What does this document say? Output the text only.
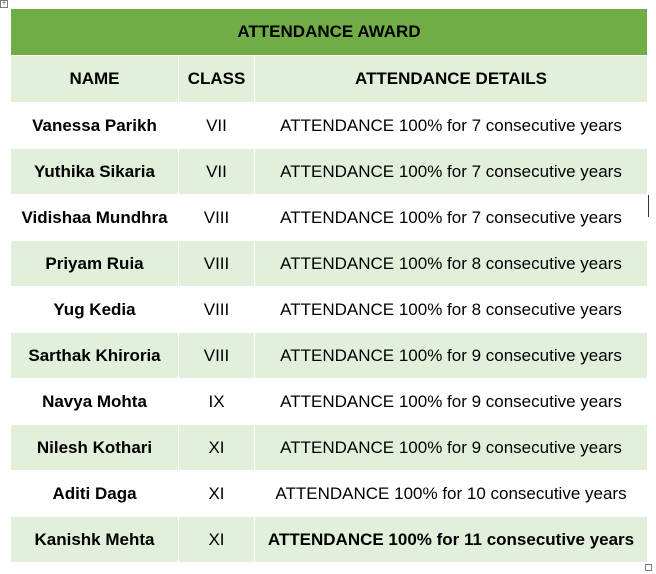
+
ATTENDANCE AWARD		
NAME	CLASS	ATTENDANCE DETAILS
Vanessa Parikh	VII	ATTENDANCE 100% for 7 consecutive years
Yuthika Sikaria	VII	ATTENDANCE 100% for 7 consecutive years
Vidishaa Mundhra	VIII	ATTENDANCE 100% for 7 consecutive years
Priyam Ruia	VIII	ATTENDANCE 100% for 8 consecutive years
Yug Kedia	VIII	ATTENDANCE 100% for 8 consecutive years
Sarthak Khiroria	VIII	ATTENDANCE 100% for 9 consecutive years
Navya Mohta	IX	ATTENDANCE 100% for 9 consecutive years
Nilesh Kothari	XI	ATTENDANCE 100% for 9 consecutive years
Aditi Daga	XI	ATTENDANCE 100% for 10 consecutive years
Kanishk Mehta	XI	ATTENDANCE 100% for 11 consecutive years
